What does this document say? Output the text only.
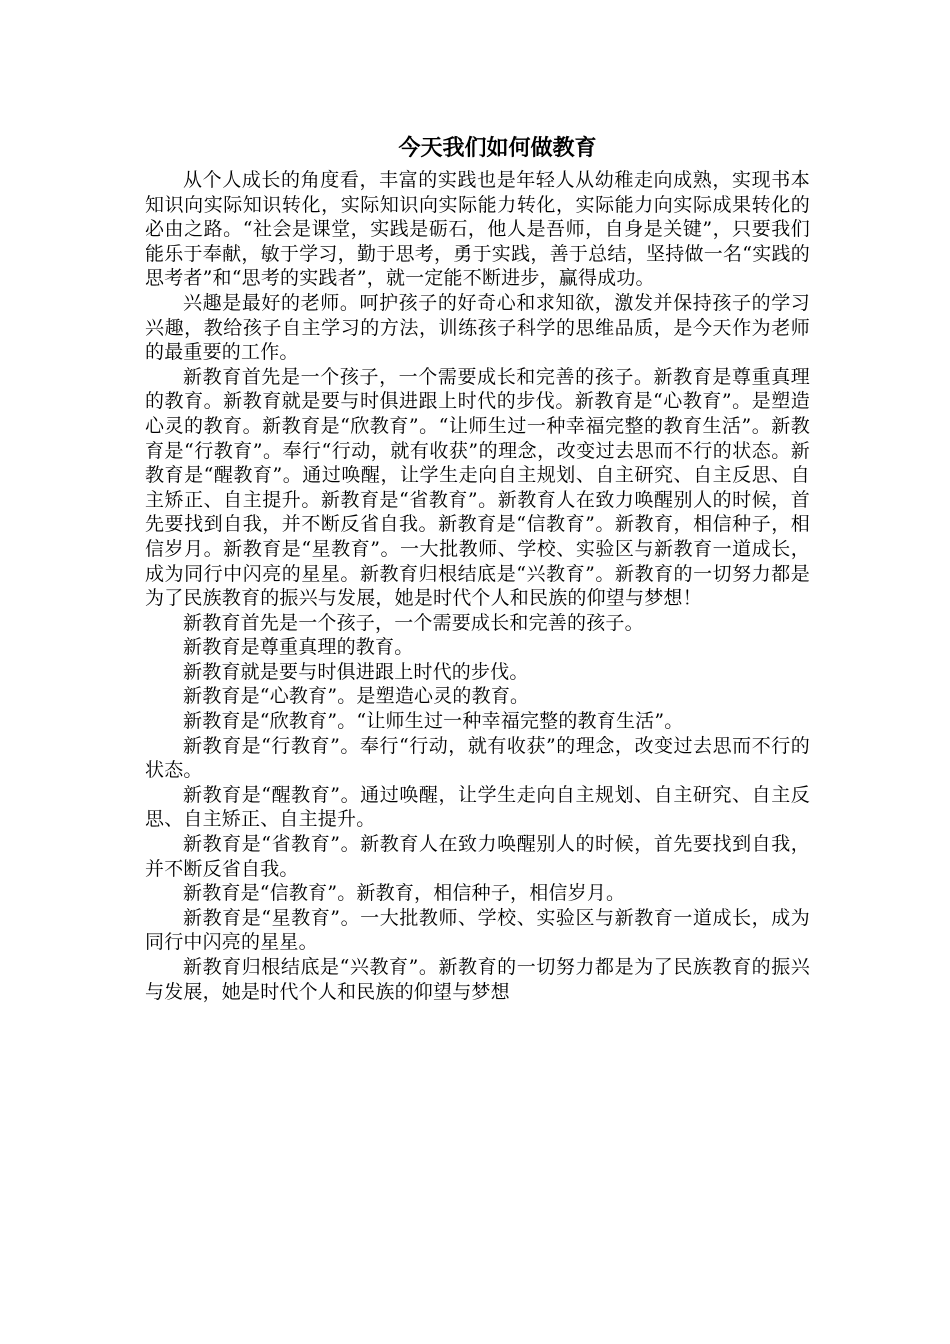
今天我们如何做教育

从个人成长的角度看，丰富的实践也是年轻人从幼稚走向成熟，实现书本知识向实际知识转化，实际知识向实际能力转化，实际能力向实际成果转化的必由之路。“社会是课堂，实践是砺石，他人是吾师，自身是关键”，只要我们能乐于奉献，敏于学习，勤于思考，勇于实践，善于总结，坚持做一名“实践的思考者”和“思考的实践者”，就一定能不断进步，赢得成功。

兴趣是最好的老师。呵护孩子的好奇心和求知欲，激发并保持孩子的学习兴趣，教给孩子自主学习的方法，训练孩子科学的思维品质，是今天作为老师的最重要的工作。

新教育首先是一个孩子，一个需要成长和完善的孩子。新教育是尊重真理的教育。新教育就是要与时俱进跟上时代的步伐。新教育是“心教育”。是塑造心灵的教育。新教育是“欣教育”。“让师生过一种幸福完整的教育生活”。新教育是“行教育”。奉行“行动，就有收获”的理念，改变过去思而不行的状态。新教育是“醒教育”。通过唤醒，让学生走向自主规划、自主研究、自主反思、自主矫正、自主提升。新教育是“省教育”。新教育人在致力唤醒别人的时候，首先要找到自我，并不断反省自我。新教育是“信教育”。新教育，相信种子，相信岁月。新教育是“星教育”。一大批教师、学校、实验区与新教育一道成长，成为同行中闪亮的星星。新教育归根结底是“兴教育”。新教育的一切努力都是为了民族教育的振兴与发展，她是时代个人和民族的仰望与梦想！

新教育首先是一个孩子，一个需要成长和完善的孩子。

新教育是尊重真理的教育。

新教育就是要与时俱进跟上时代的步伐。

新教育是“心教育”。是塑造心灵的教育。

新教育是“欣教育”。“让师生过一种幸福完整的教育生活”。

新教育是“行教育”。奉行“行动，就有收获”的理念，改变过去思而不行的状态。

新教育是“醒教育”。通过唤醒，让学生走向自主规划、自主研究、自主反思、自主矫正、自主提升。

新教育是“省教育”。新教育人在致力唤醒别人的时候，首先要找到自我，并不断反省自我。

新教育是“信教育”。新教育，相信种子，相信岁月。

新教育是“星教育”。一大批教师、学校、实验区与新教育一道成长，成为同行中闪亮的星星。

新教育归根结底是“兴教育”。新教育的一切努力都是为了民族教育的振兴与发展，她是时代个人和民族的仰望与梦想
